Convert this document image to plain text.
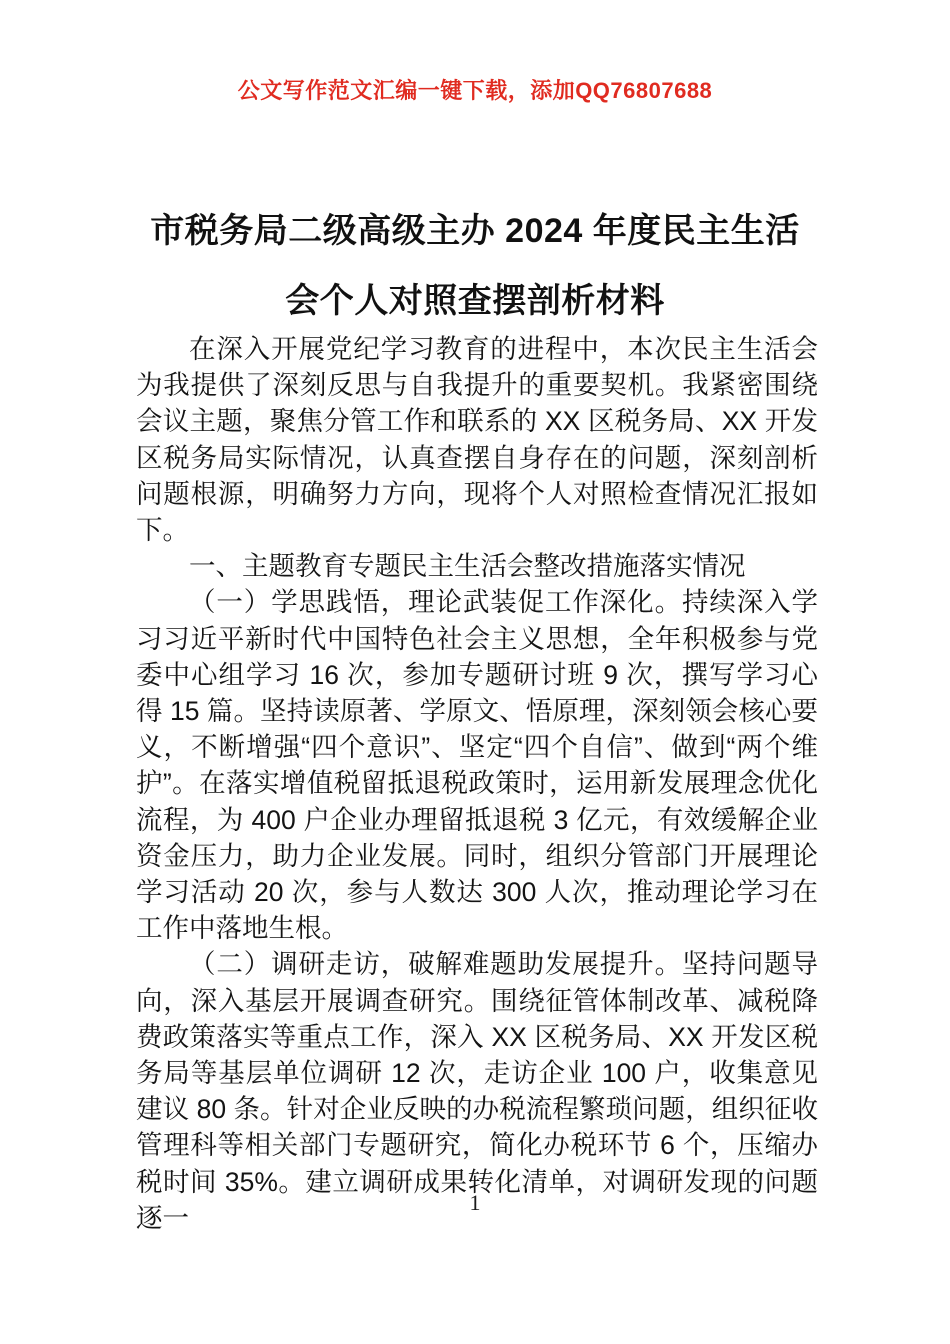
公文写作范文汇编一键下载，添加QQ76807688
市税务局二级高级主办 2024 年度民主生活
会个人对照查摆剖析材料

在深入开展党纪学习教育的进程中，本次民主生活会为我提供了深刻反思与自我提升的重要契机。我紧密围绕会议主题，聚焦分管工作和联系的 XX 区税务局、XX 开发区税务局实际情况，认真查摆自身存在的问题，深刻剖析问题根源，明确努力方向，现将个人对照检查情况汇报如下。

一、主题教育专题民主生活会整改措施落实情况

（一）学思践悟，理论武装促工作深化。持续深入学习习近平新时代中国特色社会主义思想，全年积极参与党委中心组学习 16 次，参加专题研讨班 9 次，撰写学习心得 15 篇。坚持读原著、学原文、悟原理，深刻领会核心要义，不断增强“四个意识”、坚定“四个自信”、做到“两个维护”。在落实增值税留抵退税政策时，运用新发展理念优化流程，为 400 户企业办理留抵退税 3 亿元，有效缓解企业资金压力，助力企业发展。同时，组织分管部门开展理论学习活动 20 次，参与人数达 300 人次，推动理论学习在工作中落地生根。

（二）调研走访，破解难题助发展提升。坚持问题导向，深入基层开展调查研究。围绕征管体制改革、减税降费政策落实等重点工作，深入 XX 区税务局、XX 开发区税务局等基层单位调研 12 次，走访企业 100 户，收集意见建议 80 条。针对企业反映的办税流程繁琐问题，组织征收管理科等相关部门专题研究，简化办税环节 6 个，压缩办税时间 35%。建立调研成果转化清单，对调研发现的问题逐一

1
